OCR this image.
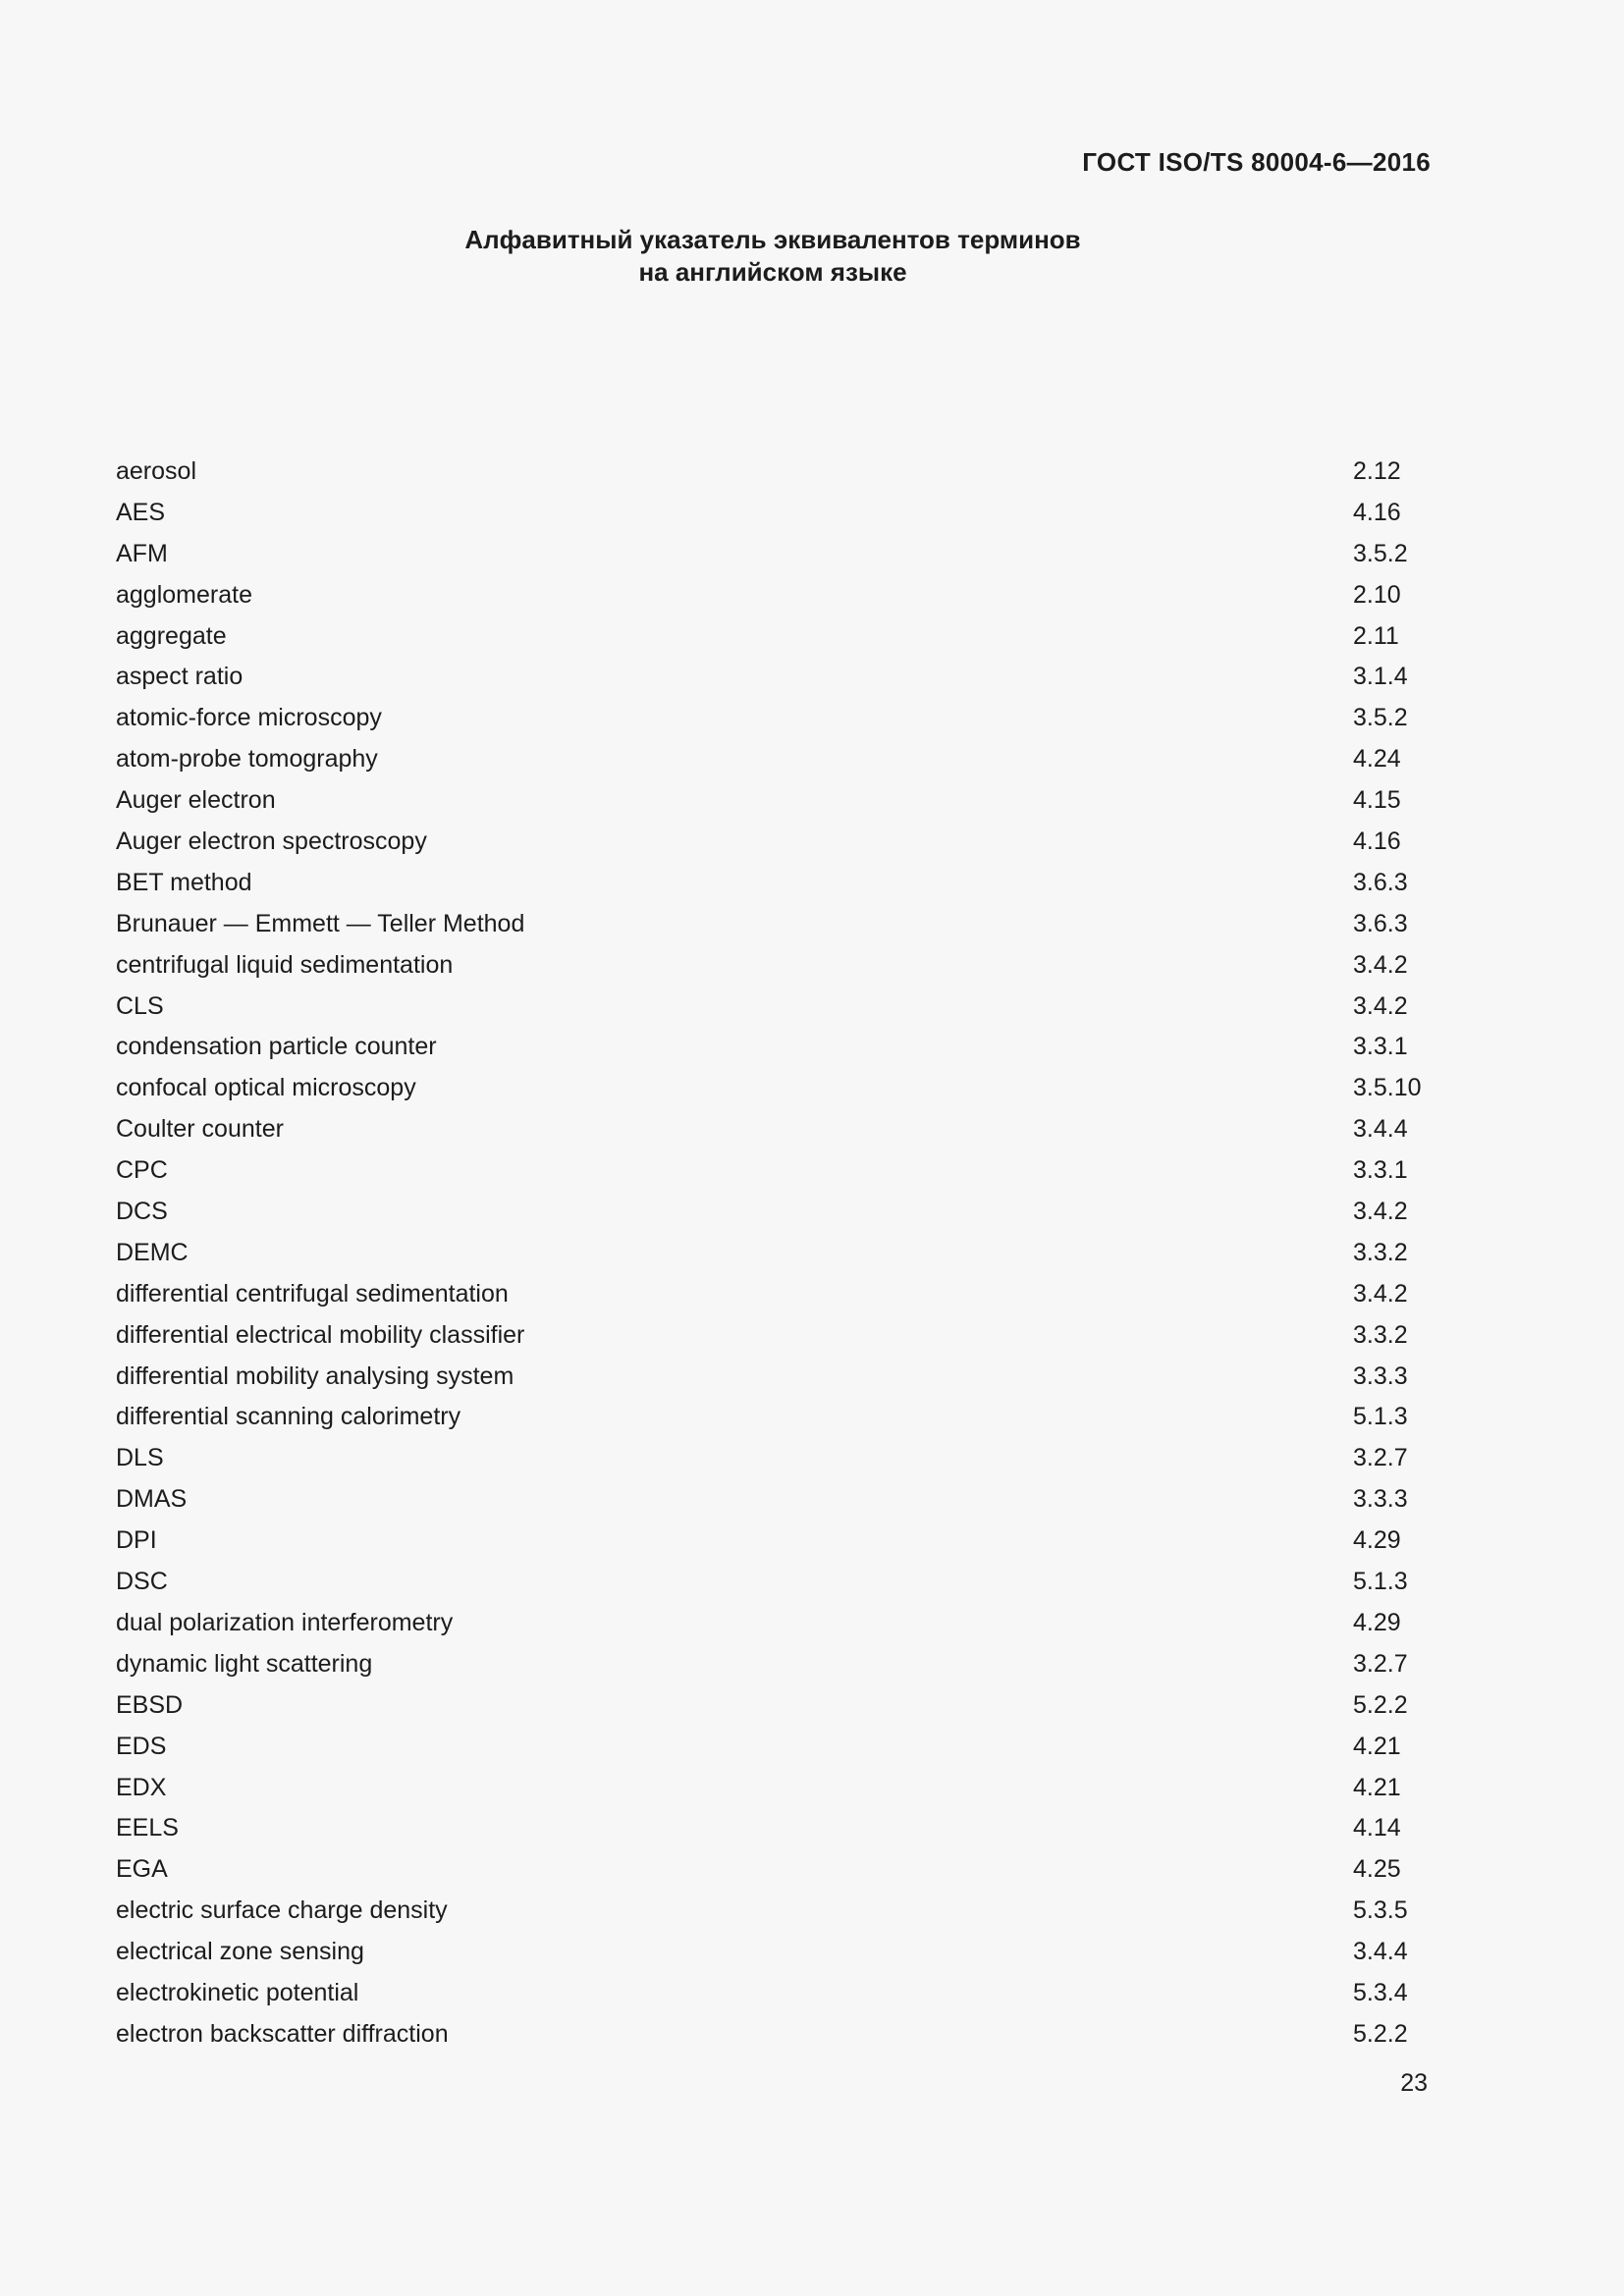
ГОСТ ISO/TS 80004-6—2016
Алфавитный указатель эквивалентов терминов
на английском языке
aerosol	2.12
AES	4.16
AFM	3.5.2
agglomerate	2.10
aggregate	2.11
aspect ratio	3.1.4
atomic-force microscopy	3.5.2
atom-probe tomography	4.24
Auger electron	4.15
Auger electron spectroscopy	4.16
BET method	3.6.3
Brunauer — Emmett — Teller Method	3.6.3
centrifugal liquid sedimentation	3.4.2
CLS	3.4.2
condensation particle counter	3.3.1
confocal optical microscopy	3.5.10
Coulter counter	3.4.4
CPC	3.3.1
DCS	3.4.2
DEMC	3.3.2
differential centrifugal sedimentation	3.4.2
differential electrical mobility classifier	3.3.2
differential mobility analysing system	3.3.3
differential scanning calorimetry	5.1.3
DLS	3.2.7
DMAS	3.3.3
DPI	4.29
DSC	5.1.3
dual polarization interferometry	4.29
dynamic light scattering	3.2.7
EBSD	5.2.2
EDS	4.21
EDX	4.21
EELS	4.14
EGA	4.25
electric surface charge density	5.3.5
electrical zone sensing	3.4.4
electrokinetic potential	5.3.4
electron backscatter diffraction	5.2.2
23
